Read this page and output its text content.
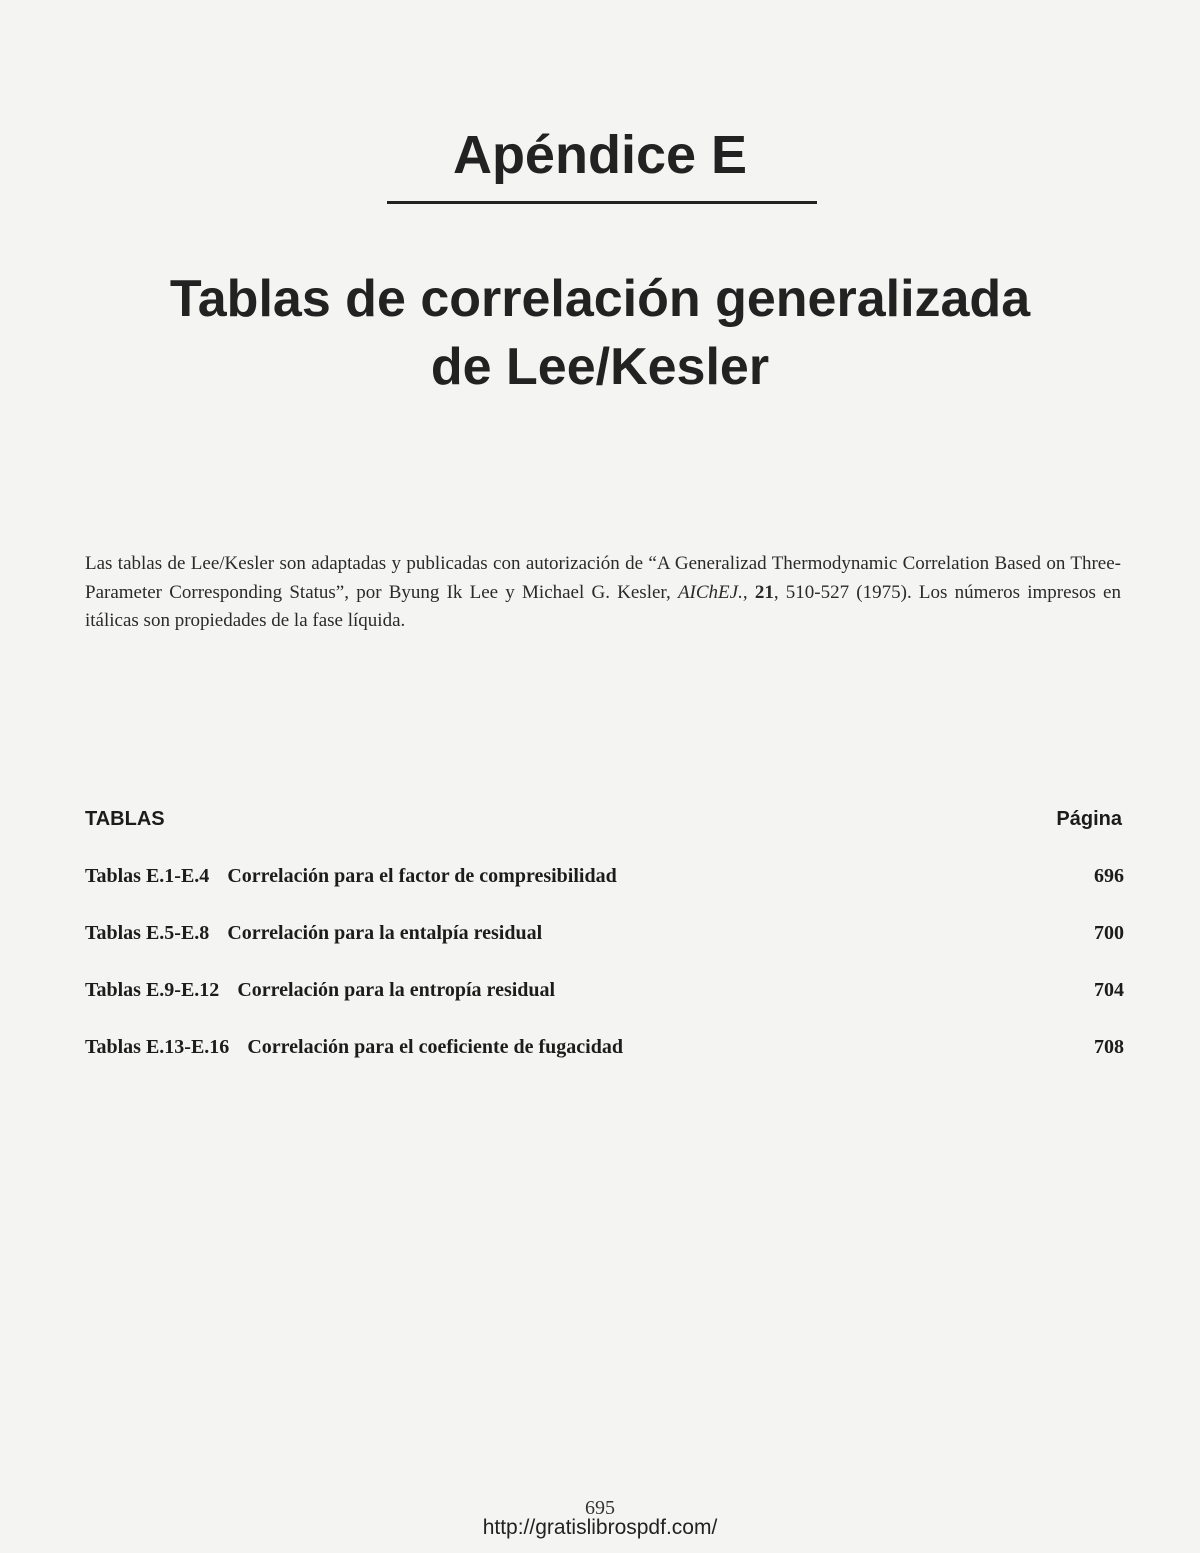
Apéndice E
Tablas de correlación generalizada
de Lee/Kesler

Las tablas de Lee/Kesler son adaptadas y publicadas con autorización de “A Generalizad Thermodynamic Correlation Based on Three-Parameter Corresponding Status”, por Byung Ik Lee y Michael G. Kesler, AIChEJ., 21, 510-527 (1975). Los números impresos en itálicas son propiedades de la fase líquida.

TABLAS	Página
Tablas E.1-E.4 Correlación para el factor de compresibilidad	696
Tablas E.5-E.8 Correlación para la entalpía residual	700
Tablas E.9-E.12 Correlación para la entropía residual	704
Tablas E.13-E.16 Correlación para el coeficiente de fugacidad	708
695
http://gratislibrospdf.com/
